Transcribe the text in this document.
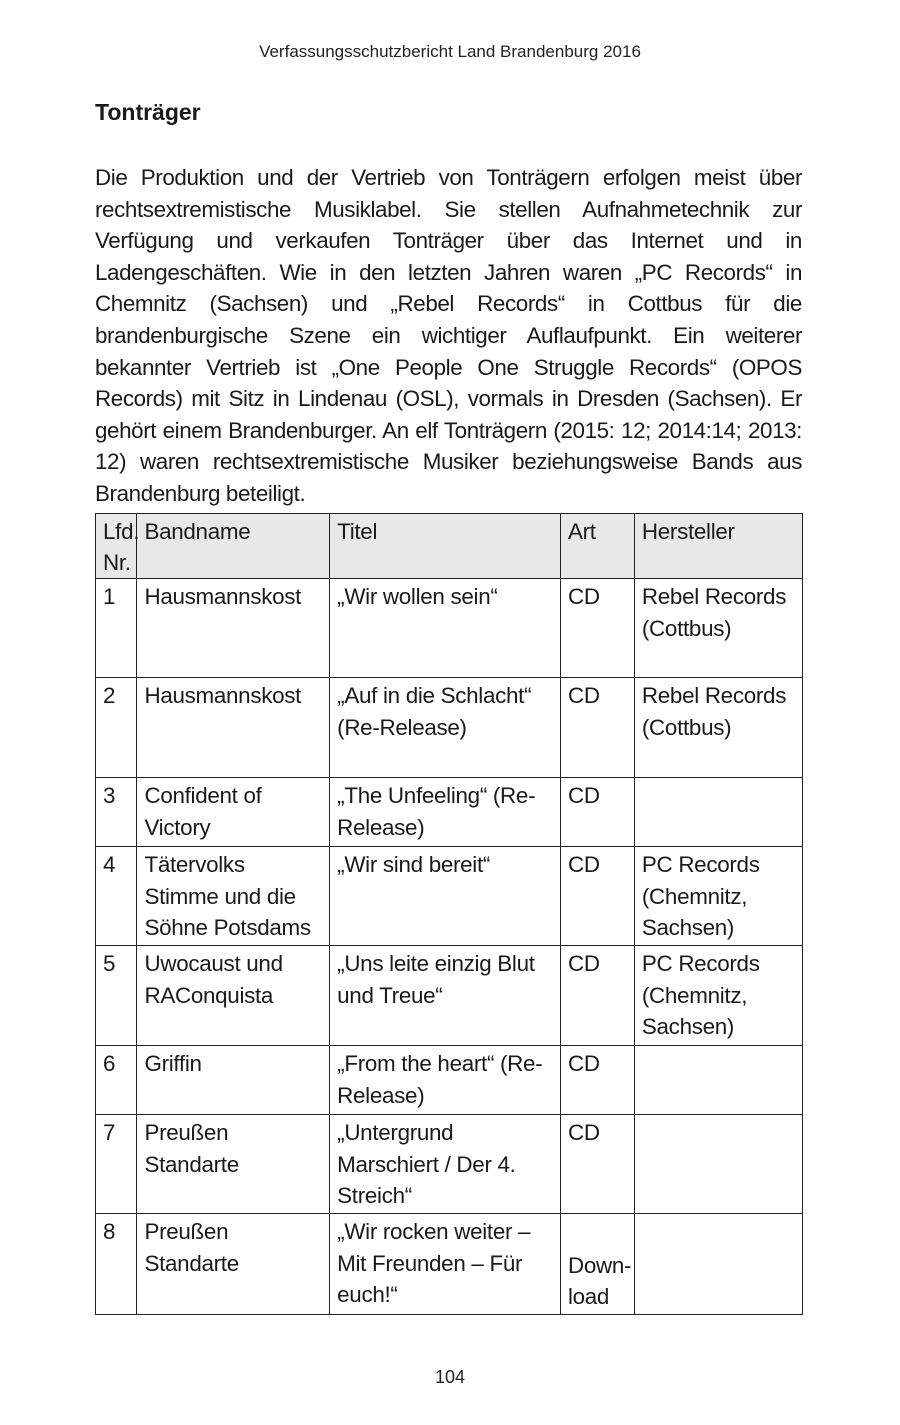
Verfassungsschutzbericht Land Brandenburg 2016
Tonträger

Die Produktion und der Vertrieb von Tonträgern erfolgen meist über rechtsextremistische Musiklabel. Sie stellen Aufnahmetechnik zur Verfügung und verkaufen Tonträger über das Internet und in Ladengeschäften. Wie in den letzten Jahren waren „PC Records“ in Chemnitz (Sachsen) und „Rebel Records“ in Cottbus für die brandenburgische Szene ein wichtiger Auflaufpunkt. Ein weiterer bekannter Vertrieb ist „One People One Struggle Records“ (OPOS Records) mit Sitz in Lindenau (OSL), vormals in Dresden (Sachsen). Er gehört einem Brandenburger. An elf Tonträgern (2015: 12; 2014:14; 2013: 12) waren rechtsextremistische Musiker beziehungsweise Bands aus Brandenburg beteiligt.

Lfd. Nr.	Bandname	Titel	Art	Hersteller
1	Hausmannskost	„Wir wollen sein“	CD	Rebel Records (Cottbus)
2	Hausmannskost	„Auf in die Schlacht“ (Re-Release)	CD	Rebel Records (Cottbus)
3	Confident of Victory	„The Unfeeling“ (Re-Release)	CD	
4	Tätervolks Stimme und die Söhne Potsdams	„Wir sind bereit“	CD	PC Records (Chemnitz, Sachsen)
5	Uwocaust und RAConquista	„Uns leite einzig Blut und Treue“	CD	PC Records (Chemnitz, Sachsen)
6	Griffin	„From the heart“ (Re-Release)	CD	
7	Preußen Standarte	„Untergrund Marschiert / Der 4. Streich“	CD	
8	Preußen Standarte	„Wir rocken weiter – Mit Freunden – Für euch!“	Download	
104
